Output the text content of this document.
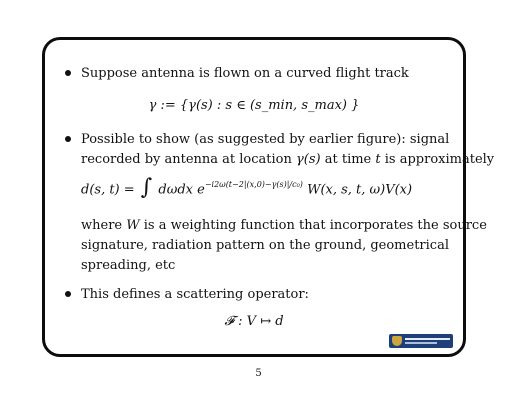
Suppose antenna is flown on a curved flight track
γ := {γ(s) : s ∈ (s_min, s_max) }
Possible to show (as suggested by earlier figure): signal
recorded by antenna at location γ(s) at time t is approximately
d(s, t) = ∫ dωdx $e^{-i2\omega(t-2|(x,0)-\gamma(s)|/c_0)}$ W(x, s, t, ω)V(x)
where W is a weighting function that incorporates the source
signature, radiation pattern on the ground, geometrical
spreading, etc
This defines a scattering operator:
𝓕 : V ↦ d
5
